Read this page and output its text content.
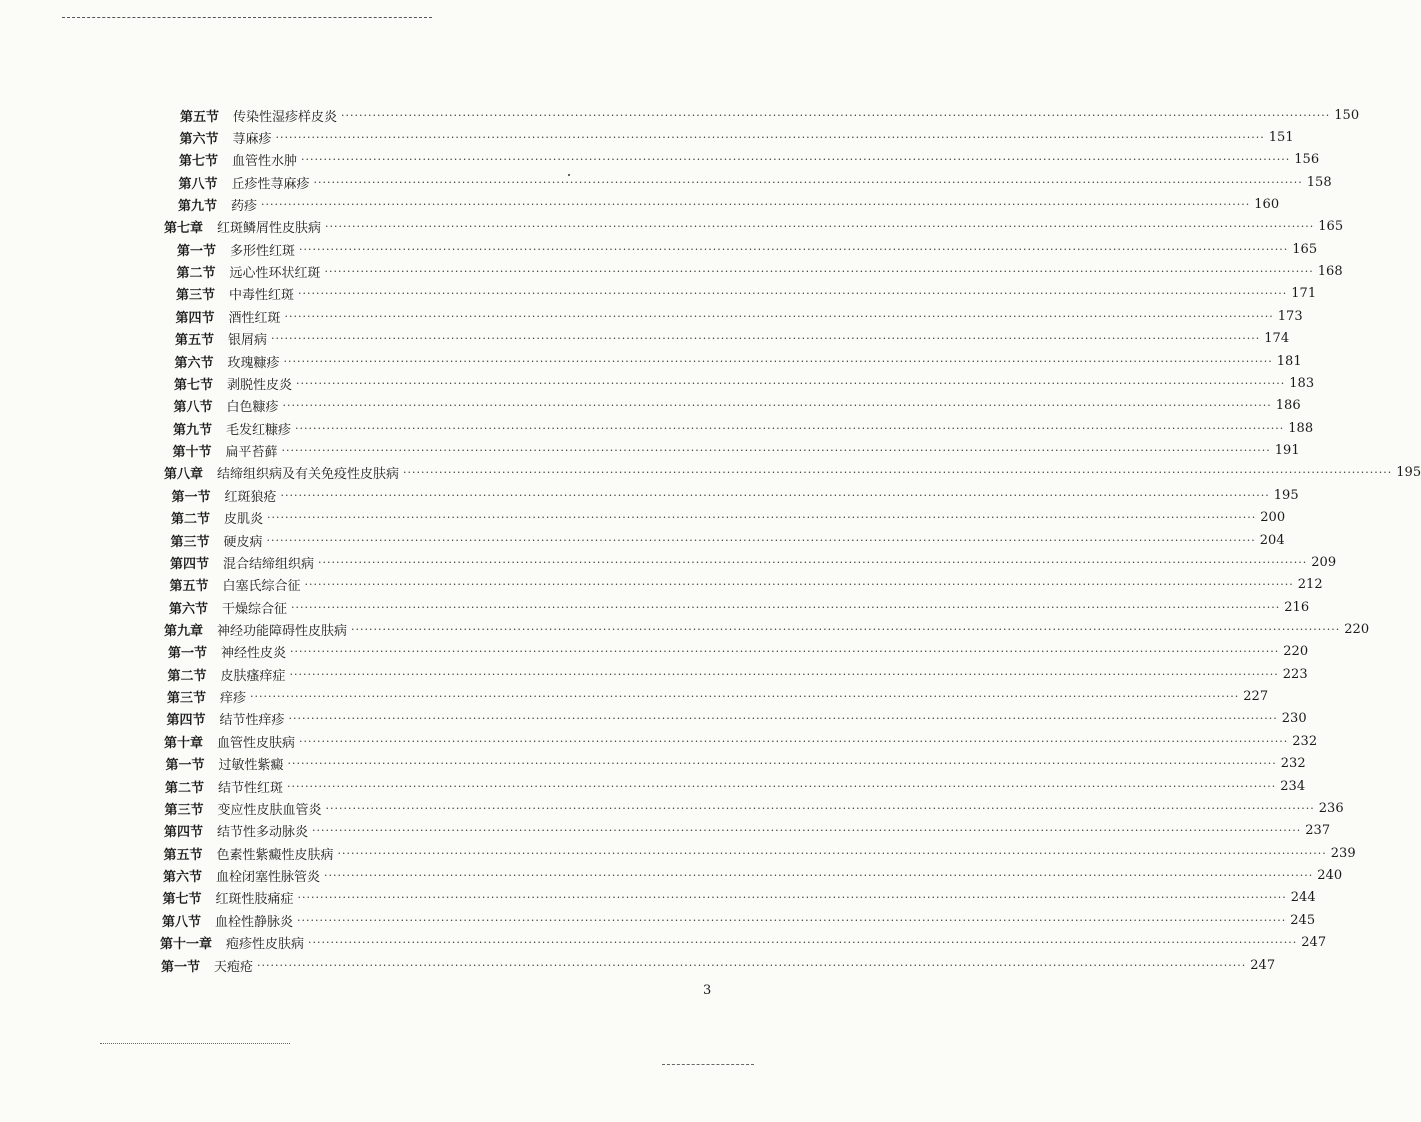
第五节 传染性湿疹样皮炎 ···························································································································································································································· 150
第六节 荨麻疹 ···························································································································································································································· 151
第七节 血管性水肿 ···························································································································································································································· 156
第八节 丘疹性荨麻疹 ···························································································································································································································· 158
第九节 药疹 ···························································································································································································································· 160
第七章 红斑鳞屑性皮肤病 ···························································································································································································································· 165
第一节 多形性红斑 ···························································································································································································································· 165
第二节 远心性环状红斑 ···························································································································································································································· 168
第三节 中毒性红斑 ···························································································································································································································· 171
第四节 酒性红斑 ···························································································································································································································· 173
第五节 银屑病 ···························································································································································································································· 174
第六节 玫瑰糠疹 ···························································································································································································································· 181
第七节 剥脱性皮炎 ···························································································································································································································· 183
第八节 白色糠疹 ···························································································································································································································· 186
第九节 毛发红糠疹 ···························································································································································································································· 188
第十节 扁平苔藓 ···························································································································································································································· 191
第八章 结缔组织病及有关免疫性皮肤病 ···························································································································································································································· 195
第一节 红斑狼疮 ···························································································································································································································· 195
第二节 皮肌炎 ···························································································································································································································· 200
第三节 硬皮病 ···························································································································································································································· 204
第四节 混合结缔组织病 ···························································································································································································································· 209
第五节 白塞氏综合征 ···························································································································································································································· 212
第六节 干燥综合征 ···························································································································································································································· 216
第九章 神经功能障碍性皮肤病 ···························································································································································································································· 220
第一节 神经性皮炎 ···························································································································································································································· 220
第二节 皮肤瘙痒症 ···························································································································································································································· 223
第三节 痒疹 ···························································································································································································································· 227
第四节 结节性痒疹 ···························································································································································································································· 230
第十章 血管性皮肤病 ···························································································································································································································· 232
第一节 过敏性紫癜 ···························································································································································································································· 232
第二节 结节性红斑 ···························································································································································································································· 234
第三节 变应性皮肤血管炎 ···························································································································································································································· 236
第四节 结节性多动脉炎 ···························································································································································································································· 237
第五节 色素性紫癜性皮肤病 ···························································································································································································································· 239
第六节 血栓闭塞性脉管炎 ···························································································································································································································· 240
第七节 红斑性肢痛症 ···························································································································································································································· 244
第八节 血栓性静脉炎 ···························································································································································································································· 245
第十一章 疱疹性皮肤病 ···························································································································································································································· 247
第一节 天疱疮 ···························································································································································································································· 247
3
